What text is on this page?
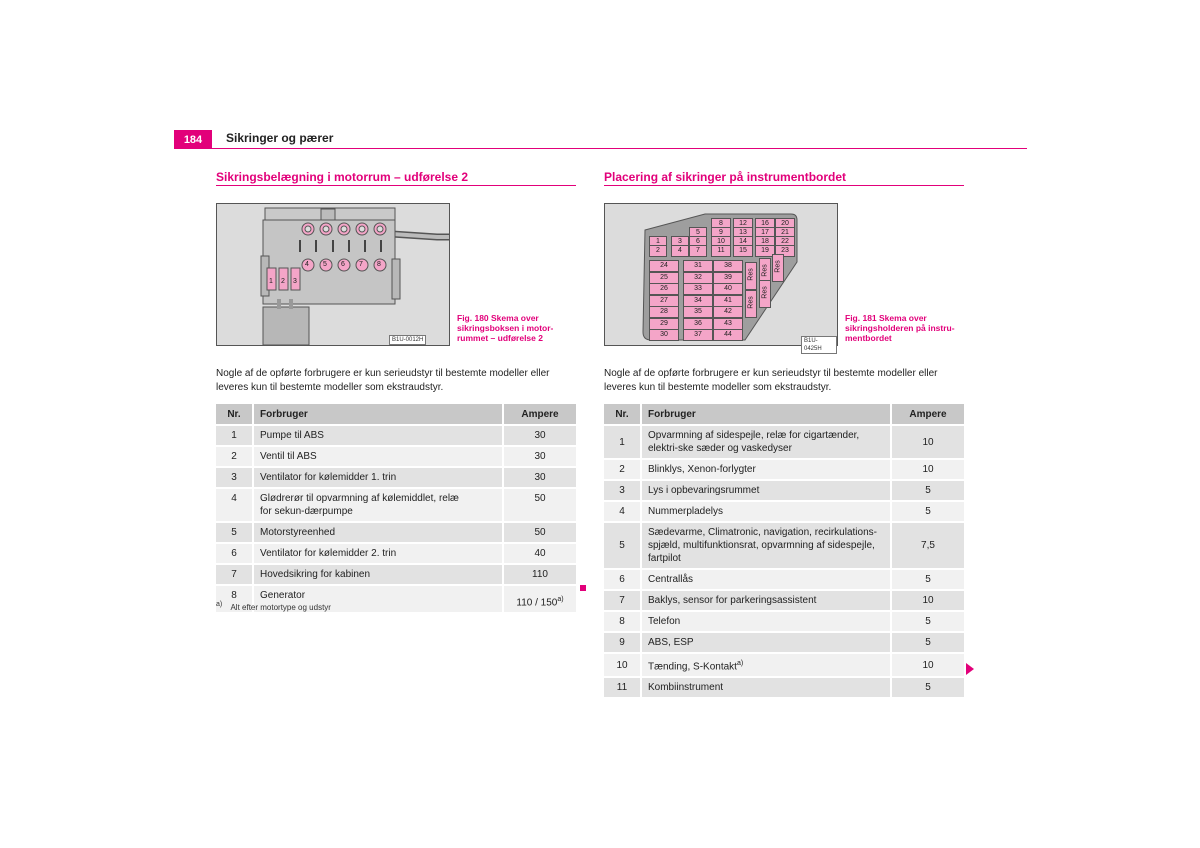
184	Sikringer og pærer
Sikringsbelægning i motorrum – udførelse 2
1 2 3
4 5 6 7 8
B1U-0012H
Fig. 180 Skema over
sikringsboksen i motor-
rummet – udførelse 2
Nogle af de opførte forbrugere er kun serieudstyr til bestemte modeller eller
leveres kun til bestemte modeller som ekstraudstyr.
Nr.	Forbruger	Ampere
1	Pumpe til ABS	30
2	Ventil til ABS	30
3	Ventilator for kølemidder 1. trin	30
4	Glødrerør til opvarmning af kølemiddlet, relæ for sekun-dærpumpe	50
5	Motorstyreenhed	50
6	Ventilator for kølemidder 2. trin	40
7	Hovedsikring for kabinen	110
8	Generator	110 / 150$^{a)}$
$^{a)}$ Alt efter motortype og udstyr
Placering af sikringer på instrumentbordet
8	12	16	20
5	9	13	17	21
1	3	6	10	14	18	22
2	4	7	11	15	19	23
24	31	38
25	32	39
26	33	40
27	34	41
28	35	42
29	36	43
30	37	44
Res Res Res
Res
Res
B1U-0425H
Fig. 181 Skema over
sikringsholderen på instru-
mentbordet
Nogle af de opførte forbrugere er kun serieudstyr til bestemte modeller eller
leveres kun til bestemte modeller som ekstraudstyr.
Nr.	Forbruger	Ampere
1	Opvarmning af sidespejle, relæ for cigartænder, elektri-ske sæder og vaskedyser	10
2	Blinklys, Xenon-forlygter	10
3	Lys i opbevaringsrummet	5
4	Nummerpladelys	5
5	Sædevarme, Climatronic, navigation, recirkulations-spjæld, multifunktionsrat, opvarmning af sidespejle, fartpilot	7,5
6	Centrallås	5
7	Baklys, sensor for parkeringsassistent	10
8	Telefon	5
9	ABS, ESP	5
10	Tænding, S-Kontakt$^{a)}$	10
11	Kombiinstrument	5
